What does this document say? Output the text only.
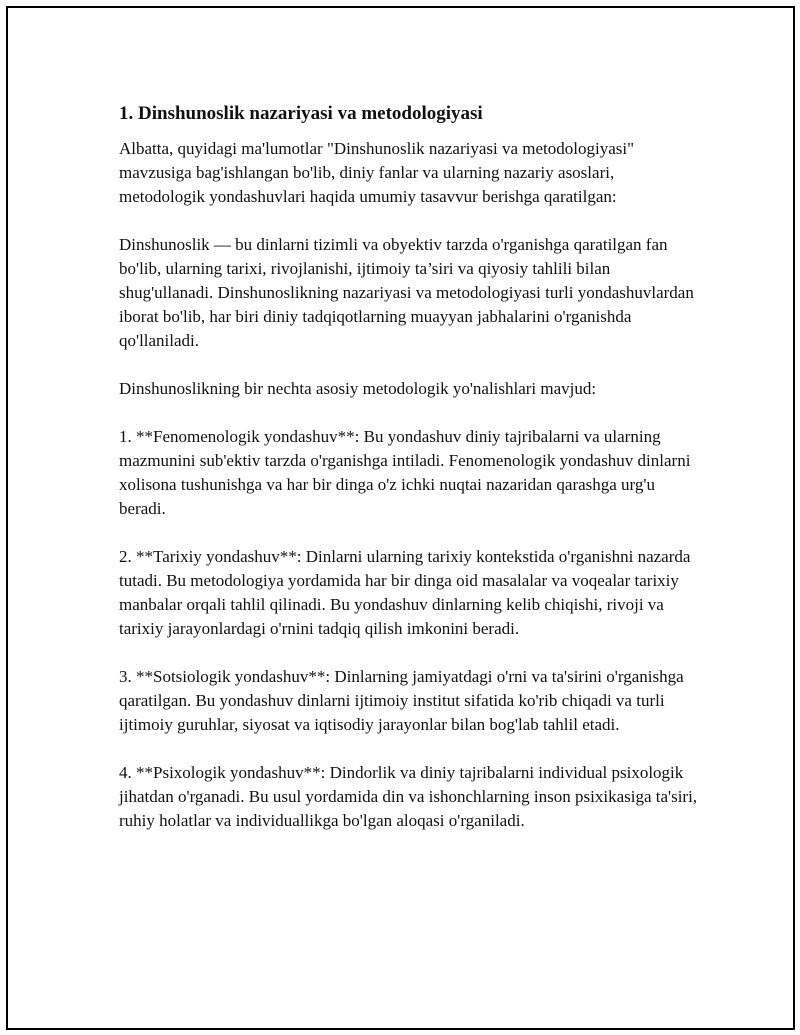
1. Dinshunoslik nazariyasi va metodologiyasi

Albatta, quyidagi ma'lumotlar "Dinshunoslik nazariyasi va metodologiyasi" mavzusiga bag'ishlangan bo'lib, diniy fanlar va ularning nazariy asoslari, metodologik yondashuvlari haqida umumiy tasavvur berishga qaratilgan:

Dinshunoslik — bu dinlarni tizimli va obyektiv tarzda o'rganishga qaratilgan fan bo'lib, ularning tarixi, rivojlanishi, ijtimoiy ta’siri va qiyosiy tahlili bilan shug'ullanadi. Dinshunoslikning nazariyasi va metodologiyasi turli yondashuvlardan iborat bo'lib, har biri diniy tadqiqotlarning muayyan jabhalarini o'rganishda qo'llaniladi.

Dinshunoslikning bir nechta asosiy metodologik yo'nalishlari mavjud:

1. **Fenomenologik yondashuv**: Bu yondashuv diniy tajribalarni va ularning mazmunini sub'ektiv tarzda o'rganishga intiladi. Fenomenologik yondashuv dinlarni xolisona tushunishga va har bir dinga o'z ichki nuqtai nazaridan qarashga urg'u beradi.

2. **Tarixiy yondashuv**: Dinlarni ularning tarixiy kontekstida o'rganishni nazarda tutadi. Bu metodologiya yordamida har bir dinga oid masalalar va voqealar tarixiy manbalar orqali tahlil qilinadi. Bu yondashuv dinlarning kelib chiqishi, rivoji va tarixiy jarayonlardagi o'rnini tadqiq qilish imkonini beradi.

3. **Sotsiologik yondashuv**: Dinlarning jamiyatdagi o'rni va ta'sirini o'rganishga qaratilgan. Bu yondashuv dinlarni ijtimoiy institut sifatida ko'rib chiqadi va turli ijtimoiy guruhlar, siyosat va iqtisodiy jarayonlar bilan bog'lab tahlil etadi.

4. **Psixologik yondashuv**: Dindorlik va diniy tajribalarni individual psixologik jihatdan o'rganadi. Bu usul yordamida din va ishonchlarning inson psixikasiga ta'siri, ruhiy holatlar va individuallikga bo'lgan aloqasi o'rganiladi.
